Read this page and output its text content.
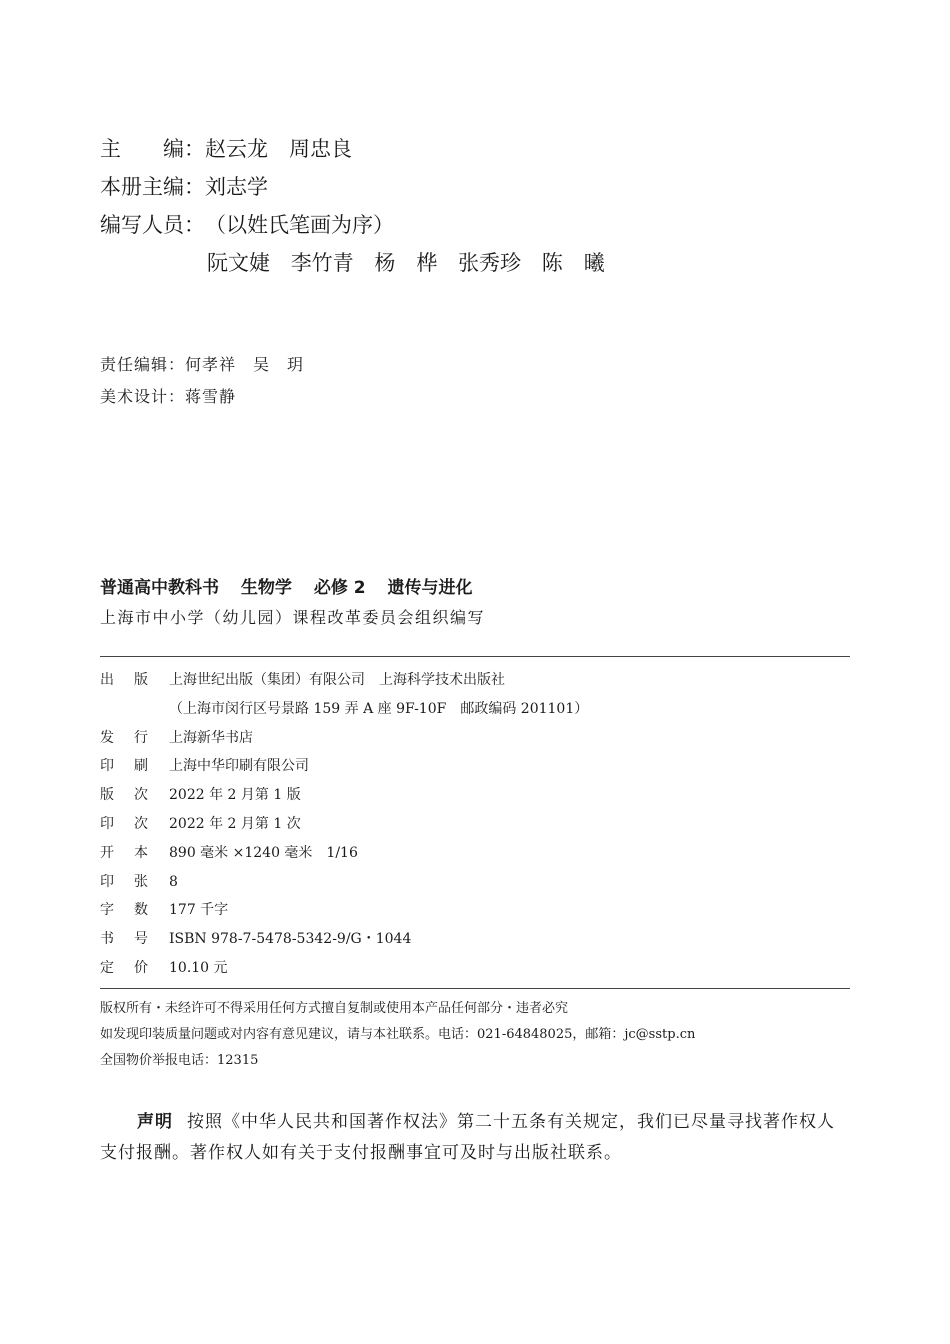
主　　编：赵云龙　周忠良
本册主编：刘志学
编写人员：（以姓氏笔画为序）
阮文婕 李竹青 杨　桦 张秀珍 陈　曦
责任编辑：何孝祥　吴　玥
美术设计：蒋雪静
普通高中教科书 生物学 必修 2 遗传与进化
上海市中小学（幼儿园）课程改革委员会组织编写
出版上海世纪出版（集团）有限公司　上海科学技术出版社
（上海市闵行区号景路 159 弄 A 座 9F-10F　邮政编码 201101）
发行上海新华书店
印刷上海中华印刷有限公司
版次2022 年 2 月第 1 版
印次2022 年 2 月第 1 次
开本890 毫米 ×1240 毫米　1/16
印张8
字数177 千字
书号ISBN 978-7-5478-5342-9/G・1044
定价10.10 元
版权所有・未经许可不得采用任何方式擅自复制或使用本产品任何部分・违者必究
如发现印装质量问题或对内容有意见建议，请与本社联系。电话：021-64848025，邮箱：jc@sstp.cn
全国物价举报电话：12315
声明 按照《中华人民共和国著作权法》第二十五条有关规定，我们已尽量寻找著作权人支付报酬。著作权人如有关于支付报酬事宜可及时与出版社联系。
